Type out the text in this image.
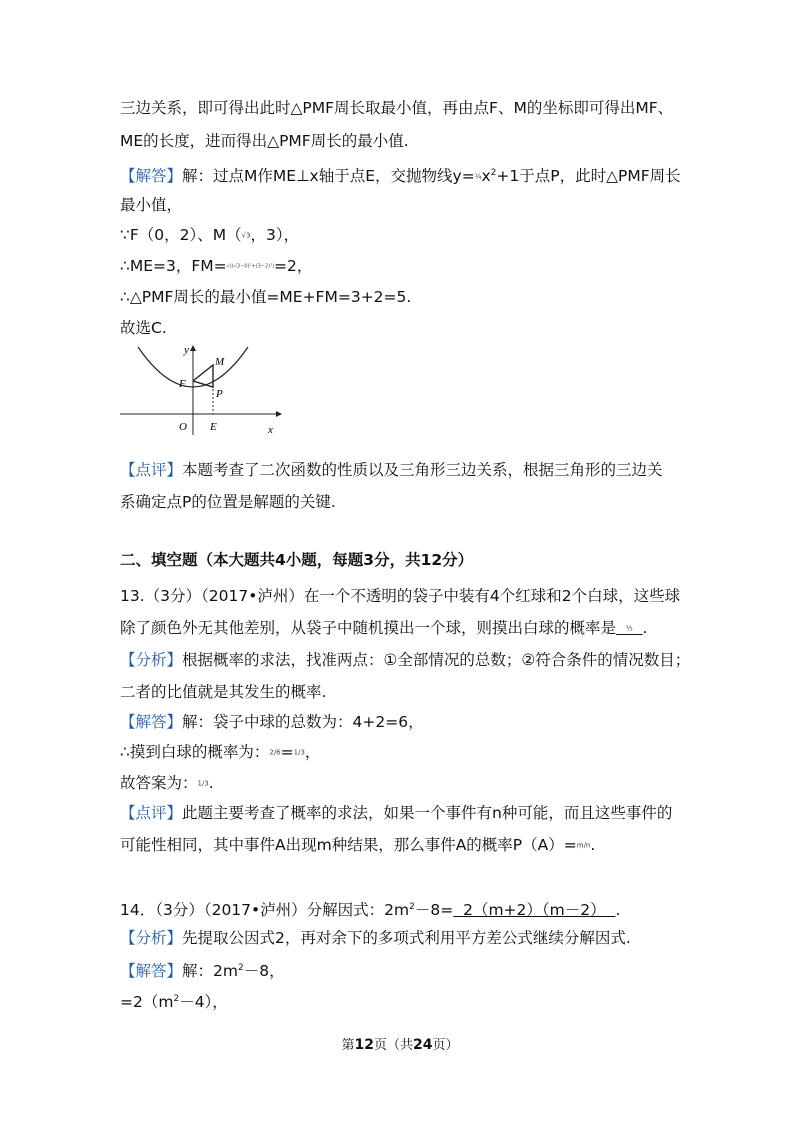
三边关系，即可得出此时△PMF周长取最小值，再由点F、M的坐标即可得出MF、
ME的长度，进而得出△PMF周长的最小值.
【解答】解：过点M作ME⊥x轴于点E，交抛物线$y=\frac{1}{4}x^2+1$于点P，此时△PMF周长
最小值，
∵F（0，2）、M（√3，3），
∴ME=3，FM=√((√3−0)²+(3−2)²)=2，
∴△PMF周长的最小值=ME+FM=3+2=5.
故选C.
y
x
O E
F
M
P
【点评】本题考查了二次函数的性质以及三角形三边关系，根据三角形的三边关
系确定点P的位置是解题的关键.
二、填空题（本大题共4小题，每题3分，共12分）
13.（3分）（2017•泸州）在一个不透明的袋子中装有4个红球和2个白球，这些球
除了颜色外无其他差别，从袋子中随机摸出一个球，则摸出白球的概率是 ⅓ .
【分析】根据概率的求法，找准两点：①全部情况的总数；②符合条件的情况数目；
二者的比值就是其发生的概率.
【解答】解：袋子中球的总数为：4+2=6，
∴摸到白球的概率为：2/6=1/3，
故答案为：1/3.
【点评】此题主要考查了概率的求法，如果一个事件有n种可能，而且这些事件的
可能性相同，其中事件A出现m种结果，那么事件A的概率P（A）=m/n.
14．（3分）（2017•泸州）分解因式：$2m^2-8= 2(m+2)(m-2)$  .
【分析】先提取公因式2，再对余下的多项式利用平方差公式继续分解因式.
【解答】解：$2m^2-8$，
$=2(m^2-4)$，
第12页（共24页）
